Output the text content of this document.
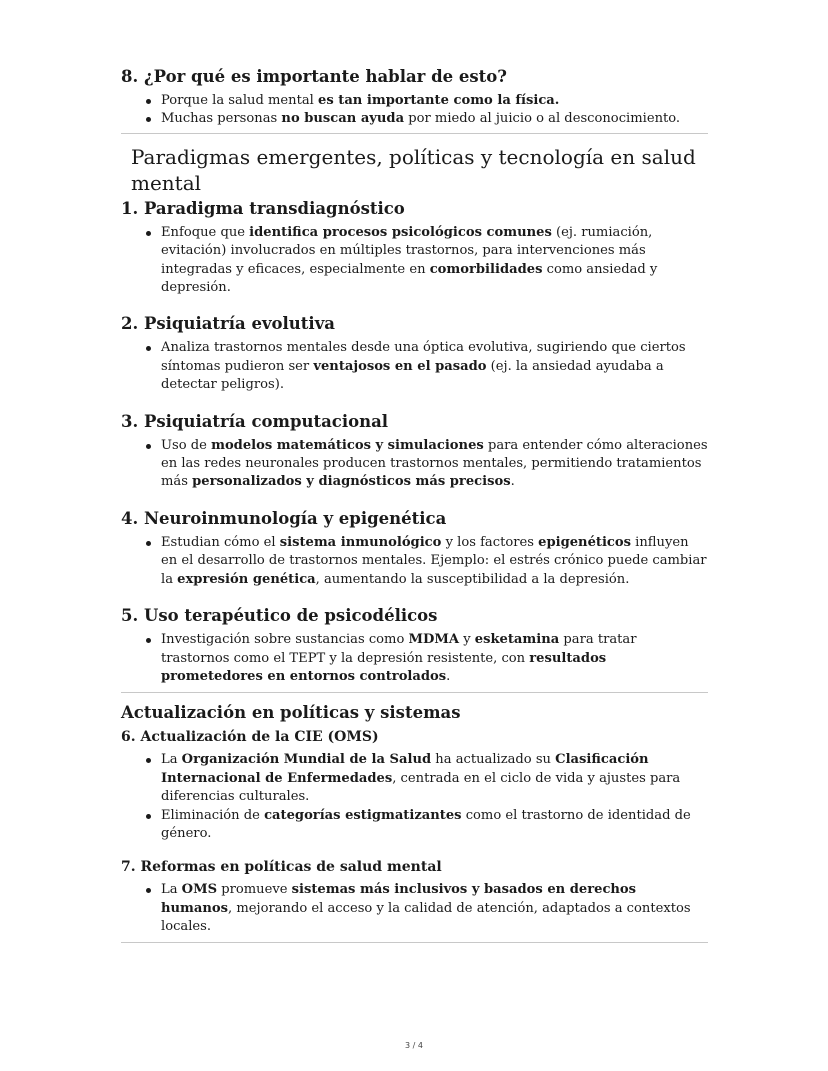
8. ¿Por qué es importante hablar de esto?
Porque la salud mental es tan importante como la física.
Muchas personas no buscan ayuda por miedo al juicio o al desconocimiento.
Paradigmas emergentes, políticas y tecnología en salud mental
1. Paradigma transdiagnóstico
Enfoque que identifica procesos psicológicos comunes (ej. rumiación, evitación) involucrados en múltiples trastornos, para intervenciones más integradas y eficaces, especialmente en comorbilidades como ansiedad y depresión.
2. Psiquiatría evolutiva
Analiza trastornos mentales desde una óptica evolutiva, sugiriendo que ciertos síntomas pudieron ser ventajosos en el pasado (ej. la ansiedad ayudaba a detectar peligros).
3. Psiquiatría computacional
Uso de modelos matemáticos y simulaciones para entender cómo alteraciones en las redes neuronales producen trastornos mentales, permitiendo tratamientos más personalizados y diagnósticos más precisos.
4. Neuroinmunología y epigenética
Estudian cómo el sistema inmunológico y los factores epigenéticos influyen en el desarrollo de trastornos mentales. Ejemplo: el estrés crónico puede cambiar la expresión genética, aumentando la susceptibilidad a la depresión.
5. Uso terapéutico de psicodélicos
Investigación sobre sustancias como MDMA y esketamina para tratar trastornos como el TEPT y la depresión resistente, con resultados prometedores en entornos controlados.
Actualización en políticas y sistemas
6. Actualización de la CIE (OMS)
La Organización Mundial de la Salud ha actualizado su Clasificación Internacional de Enfermedades, centrada en el ciclo de vida y ajustes para diferencias culturales.
Eliminación de categorías estigmatizantes como el trastorno de identidad de género.
7. Reformas en políticas de salud mental
La OMS promueve sistemas más inclusivos y basados en derechos humanos, mejorando el acceso y la calidad de atención, adaptados a contextos locales.
3 / 4
